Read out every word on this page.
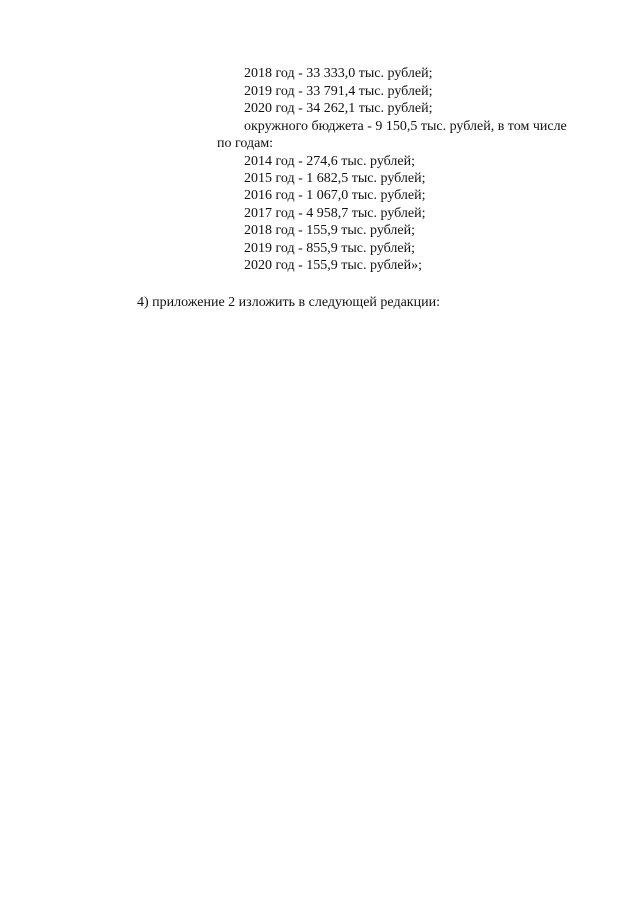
2018 год - 33 333,0 тыс. рублей;
2019 год - 33 791,4 тыс. рублей;
2020 год - 34 262,1 тыс. рублей;
окружного бюджета - 9 150,5 тыс. рублей, в том числе
по годам:
2014 год - 274,6 тыс. рублей;
2015 год - 1 682,5 тыс. рублей;
2016 год - 1 067,0 тыс. рублей;
2017 год - 4 958,7 тыс. рублей;
2018 год - 155,9 тыс. рублей;
2019 год - 855,9 тыс. рублей;
2020 год - 155,9 тыс. рублей»;
4) приложение 2 изложить в следующей редакции:
